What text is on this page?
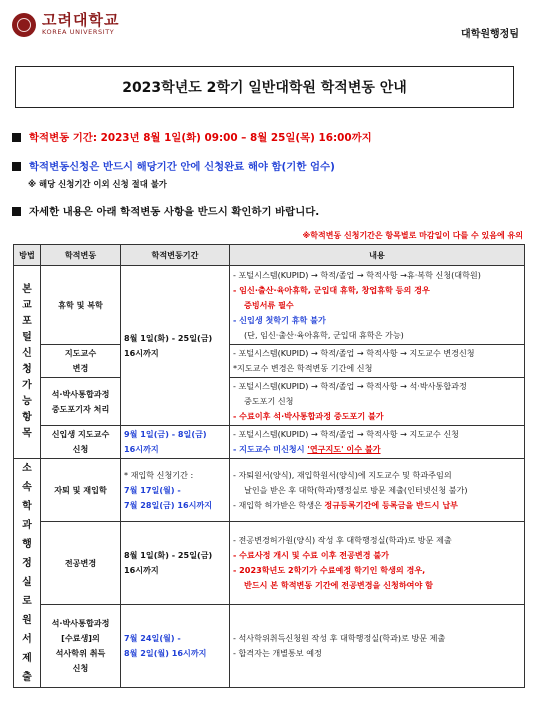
고려대학교
KOREA UNIVERSITY	대학원행정팀
2023학년도 2학기 일반대학원 학적변동 안내
학적변동 기간: 2023년 8월 1일(화) 09:00 – 8월 25일(목) 16:00까지
학적변동신청은 반드시 해당기간 안에 신청완료 해야 함(기한 엄수)
※ 해당 신청기간 이외 신청 절대 불가
자세한 내용은 아래 학적변동 사항을 반드시 확인하기 바랍니다.
※학적변동 신청기간은 항목별로 마감일이 다를 수 있음에 유의
방법	학적변동	학적변동기간	내용

본교포털신청가능항목	휴학 및 복학	8월 1일(화) - 25일(금)
16시까지	- 포털시스템(KUPID) → 학적/졸업 → 학적사항 →휴·복학 신청(대학원)
- 임신·출산·육아휴학, 군입대 휴학, 창업휴학 등의 경우
증빙서류 필수
- 신입생 첫학기 휴학 불가
(단, 임신·출산·육아휴학, 군입대 휴학은 가능)

	지도교수
변경		- 포털시스템(KUPID) → 학적/졸업 → 학적사항 → 지도교수 변경신청
*지도교수 변경은 학적변동 기간에 신청

	석·박사통합과정
중도포기자 처리		- 포털시스템(KUPID) → 학적/졸업 → 학적사항 → 석·박사통합과정
중도포기 신청
- 수료이후 석·박사통합과정 중도포기 불가

	신입생 지도교수
신청	9월 1일(금) - 8일(금)
16시까지	- 포털시스템(KUPID) → 학적/졸업 → 학적사항 → 지도교수 신청
- 지도교수 미신청시 '연구지도' 이수 불가

소속학과행정실로원서제출	자퇴 및 재입학	* 재입학 신청기간 :
7월 17일(월) -
7월 28일(금) 16시까지	- 자퇴원서(양식), 재입학원서(양식)에 지도교수 및 학과주임의
날인을 받은 후 대학(학과)행정실로 방문 제출(인터넷신청 불가)
- 재입학 허가받은 학생은 정규등록기간에 등록금을 반드시 납부

	전공변경	8월 1일(화) - 25일(금)
16시까지	- 전공변경허가원(양식) 작성 후 대학행정실(학과)로 방문 제출
- 수료사정 개시 및 수료 이후 전공변경 불가
- 2023학년도 2학기가 수료예정 학기인 학생의 경우,
반드시 본 학적변동 기간에 전공변경을 신청하여야 함

	석·박사통합과정
[수료생]의
석사학위 취득
신청	7월 24일(월) -
8월 2일(월) 16시까지	- 석사학위취득신청원 작성 후 대학행정실(학과)로 방문 제출
- 합격자는 개별통보 예정
